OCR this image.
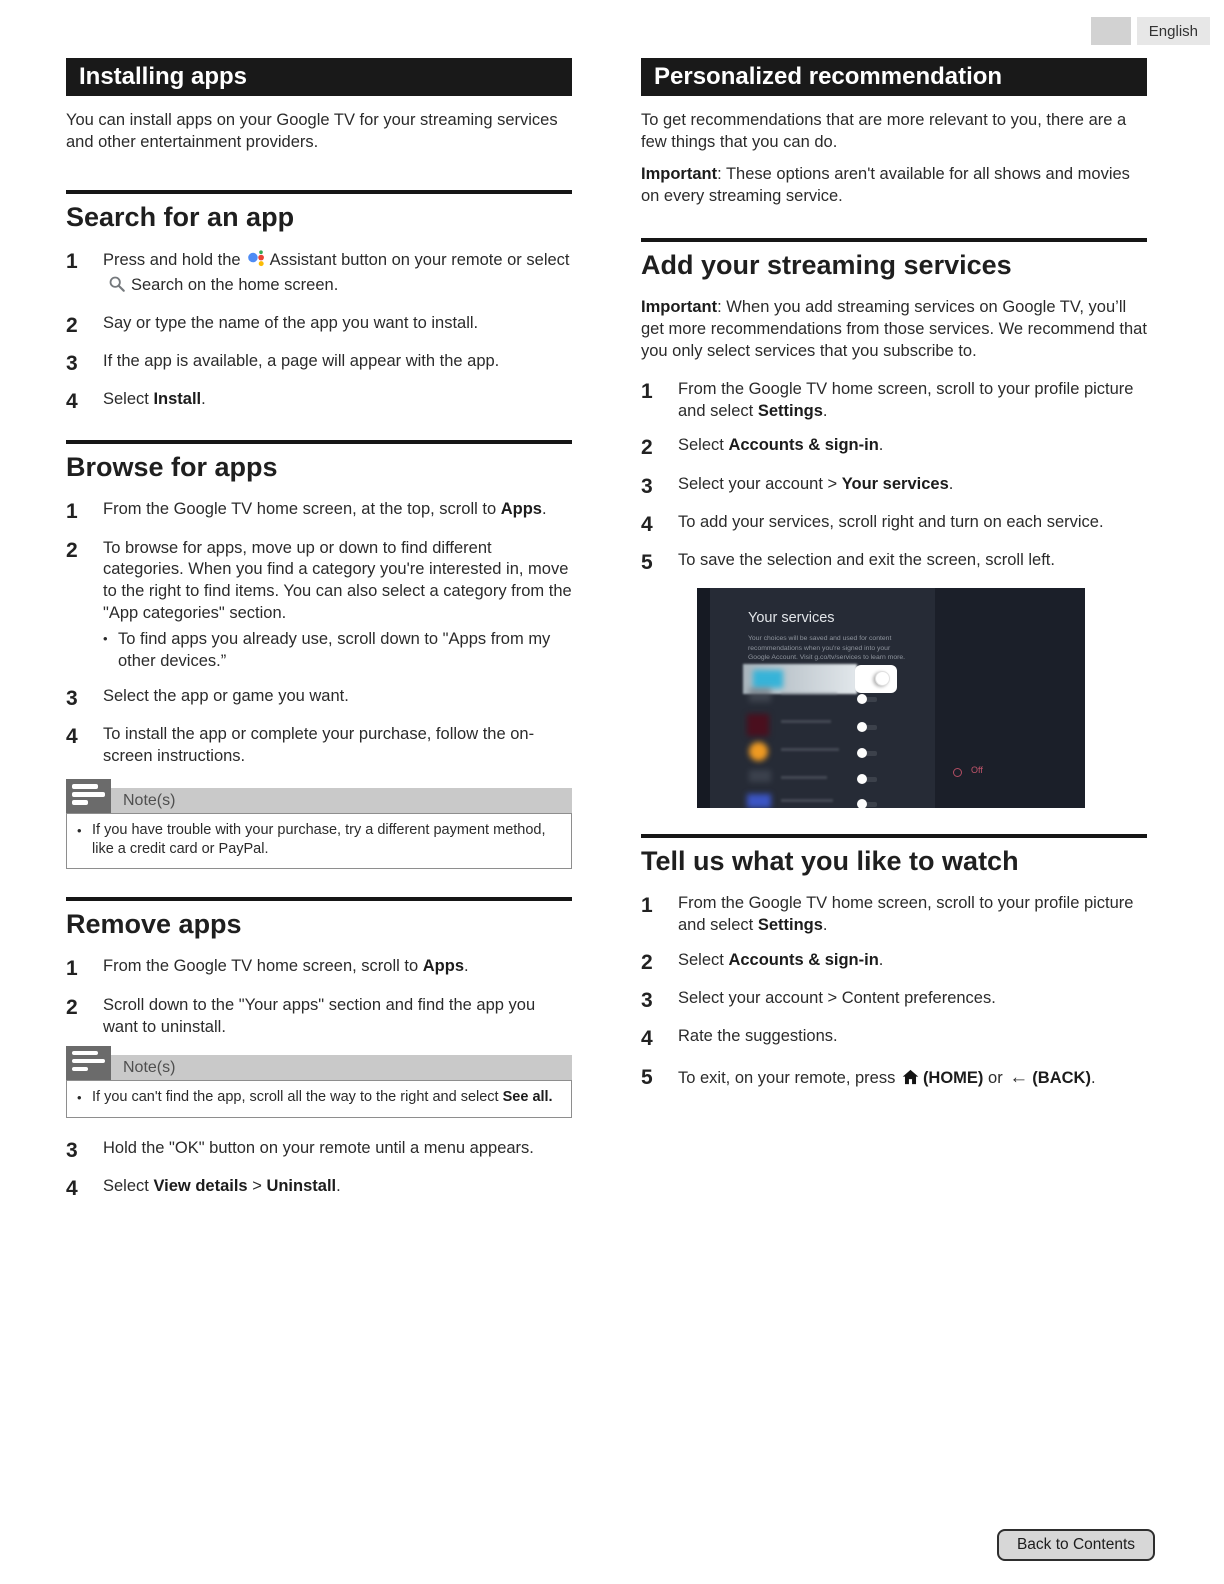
English
Installing apps

You can install apps on your Google TV for your streaming services and other entertainment providers.

Search for an app
1	Press and hold the Assistant button on your remote or selectSearch on the home screen.
2	Say or type the name of the app you want to install.
3	If the app is available, a page will appear with the app.
4	Select Install.
Browse for apps
1	From the Google TV home screen, at the top, scroll to Apps.
2	To browse for apps, move up or down to find different categories. When you find a category you're interested in, move to the right to find items. You can also select a category from the "App categories" section.
• To find apps you already use, scroll down to "Apps from my other devices.”
3	Select the app or game you want.
4	To install the app or complete your purchase, follow the on-screen instructions.
Note(s)
• If you have trouble with your purchase, try a different payment method, like a credit card or PayPal.
Remove apps
1	From the Google TV home screen, scroll to Apps.
2	Scroll down to the "Your apps" section and find the app you want to uninstall.
Note(s)
• If you can't find the app, scroll all the way to the right and select See all.
3	Hold the "OK" button on your remote until a menu appears.
4	Select View details > Uninstall.
Personalized recommendation

To get recommendations that are more relevant to you, there are a few things that you can do.

Important: These options aren't available for all shows and movies on every streaming service.

Add your streaming services

Important: When you add streaming services on Google TV, you’ll get more recommendations from those services. We recommend that you only select services that you subscribe to.

1	From the Google TV home screen, scroll to your profile picture and select Settings.
2	Select Accounts & sign-in.
3	Select your account > Your services.
4	To add your services, scroll right and turn on each service.
5	To save the selection and exit the screen, scroll left.
Your services
Your choices will be saved and used for content recommendations when you're signed into your Google Account. Visit g.co/tv/services to learn more.
Off
Tell us what you like to watch
1	From the Google TV home screen, scroll to your profile picture and select Settings.
2	Select Accounts & sign-in.
3	Select your account > Content preferences.
4	Rate the suggestions.
5	To exit, on your remote, press (HOME) or ← (BACK).
Back to Contents
